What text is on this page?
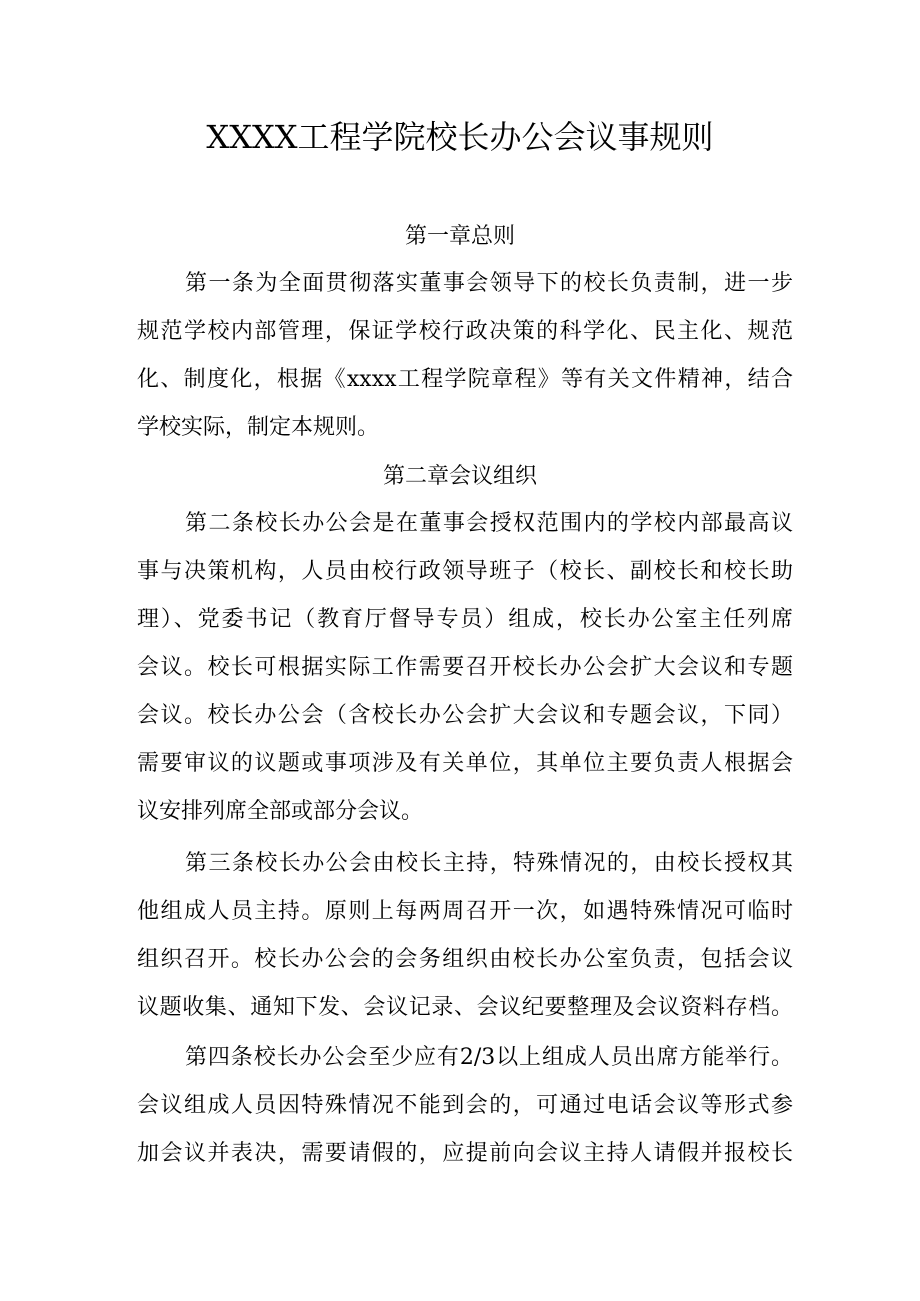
XXXX工程学院校长办公会议事规则
第一章总则
第一条为全面贯彻落实董事会领导下的校长负责制，进一步
规范学校内部管理，保证学校行政决策的科学化、民主化、规范
化、制度化，根据《xxxx工程学院章程》等有关文件精神，结合
学校实际，制定本规则。
第二章会议组织
第二条校长办公会是在董事会授权范围内的学校内部最高议
事与决策机构，人员由校行政领导班子（校长、副校长和校长助
理）、党委书记（教育厅督导专员）组成，校长办公室主任列席
会议。校长可根据实际工作需要召开校长办公会扩大会议和专题
会议。校长办公会（含校长办公会扩大会议和专题会议，下同）
需要审议的议题或事项涉及有关单位，其单位主要负责人根据会
议安排列席全部或部分会议。
第三条校长办公会由校长主持，特殊情况的，由校长授权其
他组成人员主持。原则上每两周召开一次，如遇特殊情况可临时
组织召开。校长办公会的会务组织由校长办公室负责，包括会议
议题收集、通知下发、会议记录、会议纪要整理及会议资料存档。
第四条校长办公会至少应有2/3以上组成人员出席方能举行。
会议组成人员因特殊情况不能到会的，可通过电话会议等形式参
加会议并表决，需要请假的，应提前向会议主持人请假并报校长
